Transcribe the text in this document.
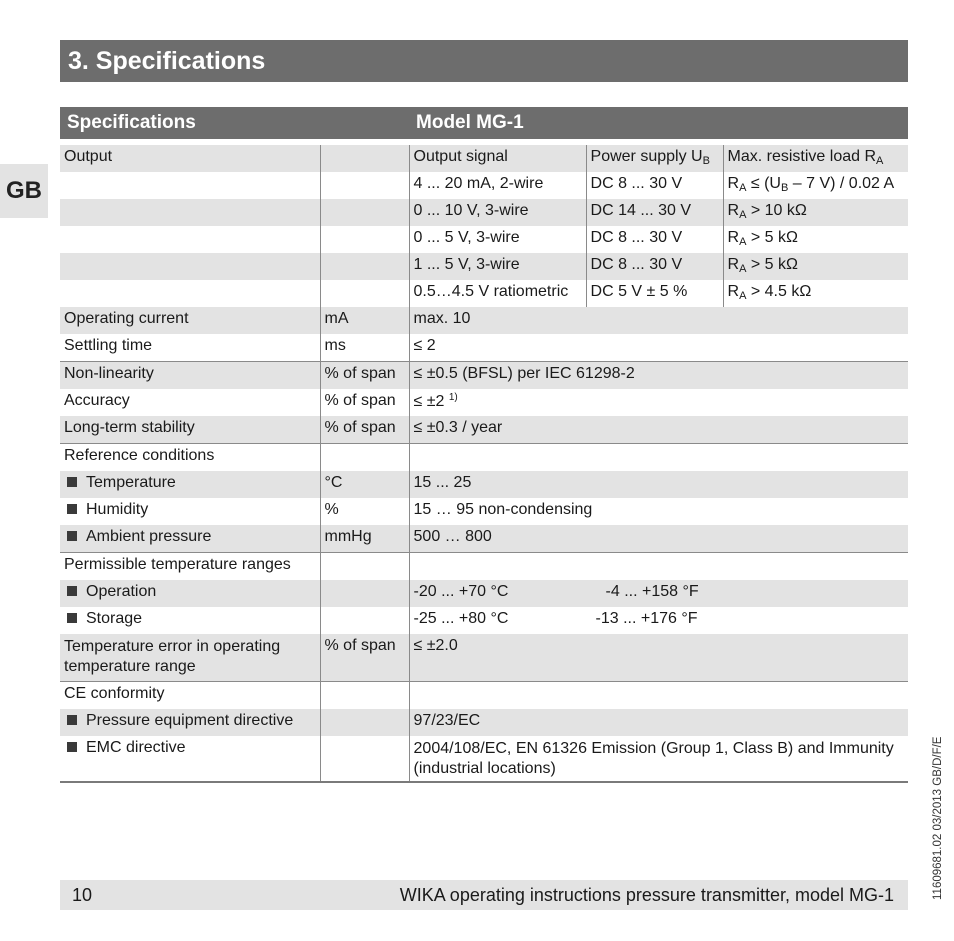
3. Specifications
GB
11609681.02 03/2013 GB/D/F/E
Specifications		Model MG-1		

Output		Output signal	Power supply $U_B$	Max. resistive load $R_A$
		4 ... 20 mA, 2-wire	DC 8 ... 30 V	$R_A \le (U_B - 7$ V) / 0.02 A
		0 ... 10 V, 3-wire	DC 14 ... 30 V	$R_A > 10$ kΩ
		0 ... 5 V, 3-wire	DC 8 ... 30 V	$R_A > 5$ kΩ
		1 ... 5 V, 3-wire	DC 8 ... 30 V	$R_A > 5$ kΩ
		0.5…4.5 V ratiometric	DC 5 V ± 5 %	$R_A > 4.5$ kΩ
Operating current	mA	max. 10		
Settling time	ms	≤ 2		
Non-linearity	% of span	≤ ±0.5 (BFSL) per IEC 61298-2		
Accuracy	% of span	≤ ±2 $^{1)}$
Long-term stability	% of span	≤ ±0.3 / year		
Reference conditions				
Temperature	°C	15 ... 25		
Humidity	%	15 … 95 non-condensing		
Ambient pressure	mmHg	500 … 800		
Permissible temperature ranges				
Operation		-20 ... +70 °C -4 ... +158 °F		
Storage		-25 ... +80 °C -13 ... +176 °F		
Temperature error in operating temperature range	% of span	≤ ±2.0		
CE conformity				
Pressure equipment directive		97/23/EC		
EMC directive		2004/108/EC, EN 61326 Emission (Group 1, Class B) and Immunity (industrial locations)		
10	WIKA operating instructions pressure transmitter, model MG-1
